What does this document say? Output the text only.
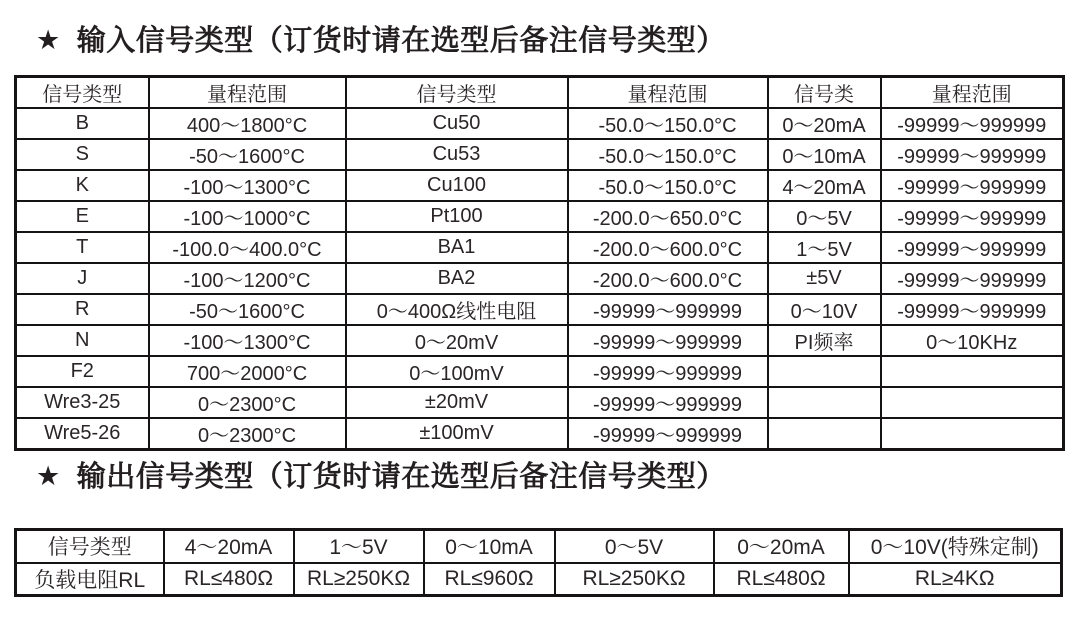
★ 输入信号类型（订货时请在选型后备注信号类型）
信号类型	量程范围	信号类型	量程范围	信号类	量程范围
B	400～1800°C	Cu50	-50.0～150.0°C	0～20mA	-99999～999999
S	-50～1600°C	Cu53	-50.0～150.0°C	0～10mA	-99999～999999
K	-100～1300°C	Cu100	-50.0～150.0°C	4～20mA	-99999～999999
E	-100～1000°C	Pt100	-200.0～650.0°C	0～5V	-99999～999999
T	-100.0～400.0°C	BA1	-200.0～600.0°C	1～5V	-99999～999999
J	-100～1200°C	BA2	-200.0～600.0°C	±5V	-99999～999999
R	-50～1600°C	0～400Ω线性电阻	-99999～999999	0～10V	-99999～999999
N	-100～1300°C	0～20mV	-99999～999999	PI频率	0～10KHz
F2	700～2000°C	0～100mV	-99999～999999		
Wre3-25	0～2300°C	±20mV	-99999～999999		
Wre5-26	0～2300°C	±100mV	-99999～999999		
★ 输出信号类型（订货时请在选型后备注信号类型）
信号类型	4～20mA	1～5V	0～10mA	0～5V	0～20mA	0～10V(特殊定制)
负载电阻RL	RL≤480Ω	RL≥250KΩ	RL≤960Ω	RL≥250KΩ	RL≤480Ω	RL≥4KΩ
